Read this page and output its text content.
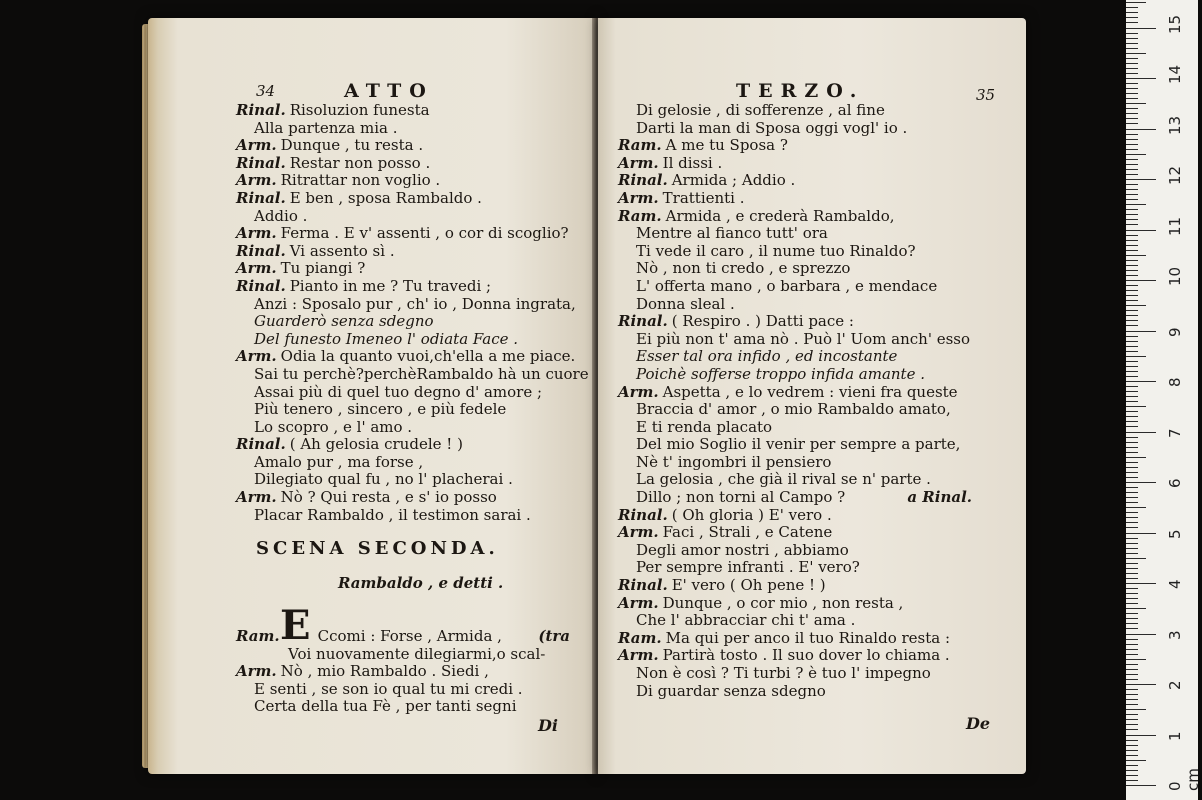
34	ATTO
Rinal. Risoluzion funesta
Alla partenza mia .
Arm. Dunque , tu resta .
Rinal. Restar non posso .
Arm. Ritrattar non voglio .
Rinal. E ben , sposa Rambaldo .
Addio .
Arm. Ferma . E v' assenti , o cor di scoglio?
Rinal. Vi assento sì .
Arm. Tu piangi ?
Rinal. Pianto in me ? Tu travedi ;
Anzi : Sposalo pur , ch' io , Donna ingrata,
Guarderò senza sdegno
Del funesto Imeneo l' odiata Face .
Arm. Odia la quanto vuoi,ch'ella a me piace.
Sai tu perchè?perchèRambaldo hà un cuore
Assai più di quel tuo degno d' amore ;
Più tenero , sincero , e più fedele
Lo scopro , e l' amo .
Rinal. ( Ah gelosia crudele ! )
Amalo pur , ma forse ,
Dilegiato qual fu , no l' placherai .
Arm. Nò ? Qui resta , e s' io posso
Placar Rambaldo , il testimon sarai .
SCENA SECONDA.
Rambaldo , e detti .
E
Ram.	Ccomi : Forse , Armida , (tra
Voi nuovamente dilegiarmi,o scal-
Arm. Nò , mio Rambaldo . Siedi ,
E senti , se son io qual tu mi credi .
Certa della tua Fè , per tanti segni
Di
TERZO.	35
Di gelosie , di sofferenze , al fine
Darti la man di Sposa oggi vogl' io .
Ram. A me tu Sposa ?
Arm. Il dissi .
Rinal. Armida ; Addio .
Arm. Trattienti .
Ram. Armida , e crederà Rambaldo,
Mentre al fianco tutt' ora
Ti vede il caro , il nume tuo Rinaldo?
Nò , non ti credo , e sprezzo
L' offerta mano , o barbara , e mendace
Donna sleal .
Rinal. ( Respiro . ) Datti pace :
Ei più non t' ama nò . Può l' Uom anch' esso
Esser tal ora infido , ed incostante
Poichè sofferse troppo infida amante .
Arm. Aspetta , e lo vedrem : vieni fra queste
Braccia d' amor , o mio Rambaldo amato,
E ti renda placato
Del mio Soglio il venir per sempre a parte,
Nè t' ingombri il pensiero
La gelosia , che già il rival se n' parte .
Dillo ; non torni al Campo ?	a Rinal.
Rinal. ( Oh gloria ) E' vero .
Arm. Faci , Strali , e Catene
Degli amor nostri , abbiamo
Per sempre infranti . E' vero?
Rinal. E' vero ( Oh pene ! )
Arm. Dunque , o cor mio , non resta ,
Che l' abbracciar chi t' ama .
Ram. Ma qui per anco il tuo Rinaldo resta :
Arm. Partirà tosto . Il suo dover lo chiama .
Non è così ? Ti turbi ? è tuo l' impegno
Di guardar senza sdegno
De
0 cm
1
2
3
4
5
6
7
8
9
10
11
12
13
14
15
